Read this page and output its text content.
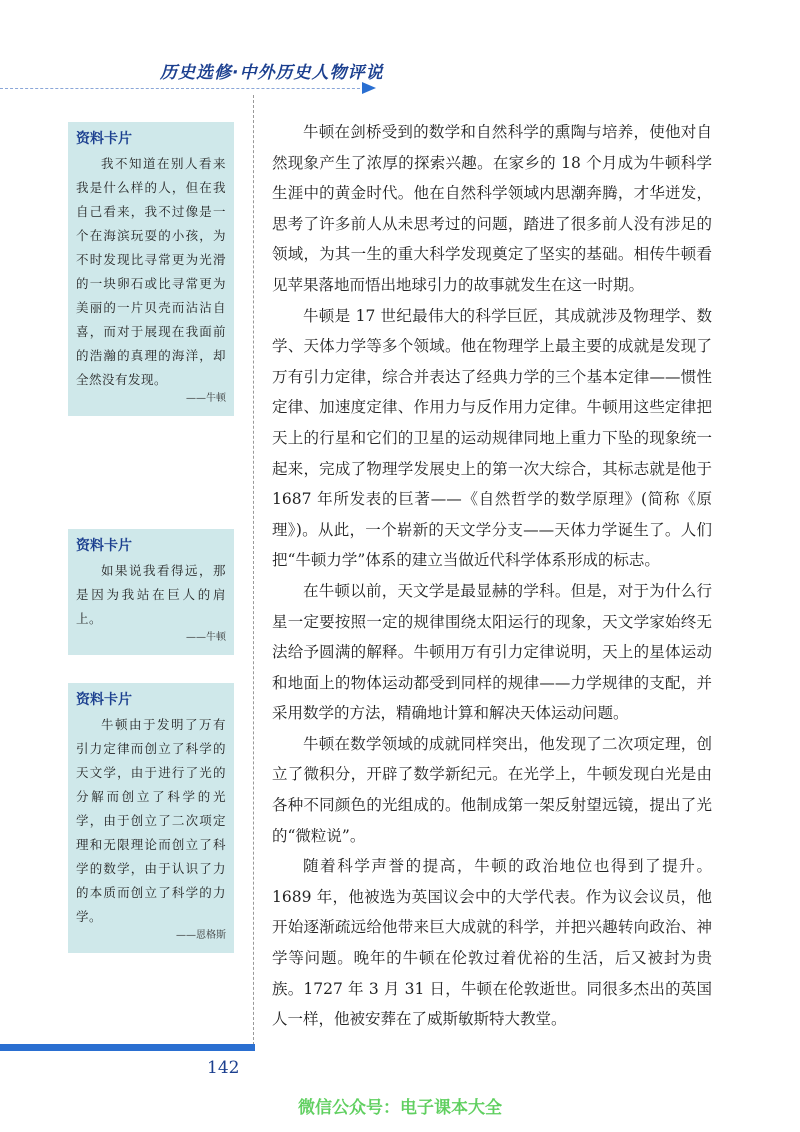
历史选修·中外历史人物评说
资料卡片
我不知道在别人看来我是什么样的人，但在我自己看来，我不过像是一个在海滨玩耍的小孩，为不时发现比寻常更为光滑的一块卵石或比寻常更为美丽的一片贝壳而沾沾自喜，而对于展现在我面前的浩瀚的真理的海洋，却全然没有发现。
——牛顿
资料卡片
如果说我看得远，那是因为我站在巨人的肩上。
——牛顿
资料卡片
牛顿由于发明了万有引力定律而创立了科学的天文学，由于进行了光的分解而创立了科学的光学，由于创立了二次项定理和无限理论而创立了科学的数学，由于认识了力的本质而创立了科学的力学。
——恩格斯

牛顿在剑桥受到的数学和自然科学的熏陶与培养，使他对自然现象产生了浓厚的探索兴趣。在家乡的 18 个月成为牛顿科学生涯中的黄金时代。他在自然科学领域内思潮奔腾，才华迸发，思考了许多前人从未思考过的问题，踏进了很多前人没有涉足的领域，为其一生的重大科学发现奠定了坚实的基础。相传牛顿看见苹果落地而悟出地球引力的故事就发生在这一时期。

牛顿是 17 世纪最伟大的科学巨匠，其成就涉及物理学、数学、天体力学等多个领域。他在物理学上最主要的成就是发现了万有引力定律，综合并表达了经典力学的三个基本定律——惯性定律、加速度定律、作用力与反作用力定律。牛顿用这些定律把天上的行星和它们的卫星的运动规律同地上重力下坠的现象统一起来，完成了物理学发展史上的第一次大综合，其标志就是他于 1687 年所发表的巨著——《自然哲学的数学原理》(简称《原理》)。从此，一个崭新的天文学分支——天体力学诞生了。人们把“牛顿力学”体系的建立当做近代科学体系形成的标志。

在牛顿以前，天文学是最显赫的学科。但是，对于为什么行星一定要按照一定的规律围绕太阳运行的现象，天文学家始终无法给予圆满的解释。牛顿用万有引力定律说明，天上的星体运动和地面上的物体运动都受到同样的规律——力学规律的支配，并采用数学的方法，精确地计算和解决天体运动问题。

牛顿在数学领域的成就同样突出，他发现了二次项定理，创立了微积分，开辟了数学新纪元。在光学上，牛顿发现白光是由各种不同颜色的光组成的。他制成第一架反射望远镜，提出了光的“微粒说”。

随着科学声誉的提高，牛顿的政治地位也得到了提升。1689 年，他被选为英国议会中的大学代表。作为议会议员，他开始逐渐疏远给他带来巨大成就的科学，并把兴趣转向政治、神学等问题。晚年的牛顿在伦敦过着优裕的生活，后又被封为贵族。1727 年 3 月 31 日，牛顿在伦敦逝世。同很多杰出的英国人一样，他被安葬在了威斯敏斯特大教堂。

142
微信公众号：电子课本大全
